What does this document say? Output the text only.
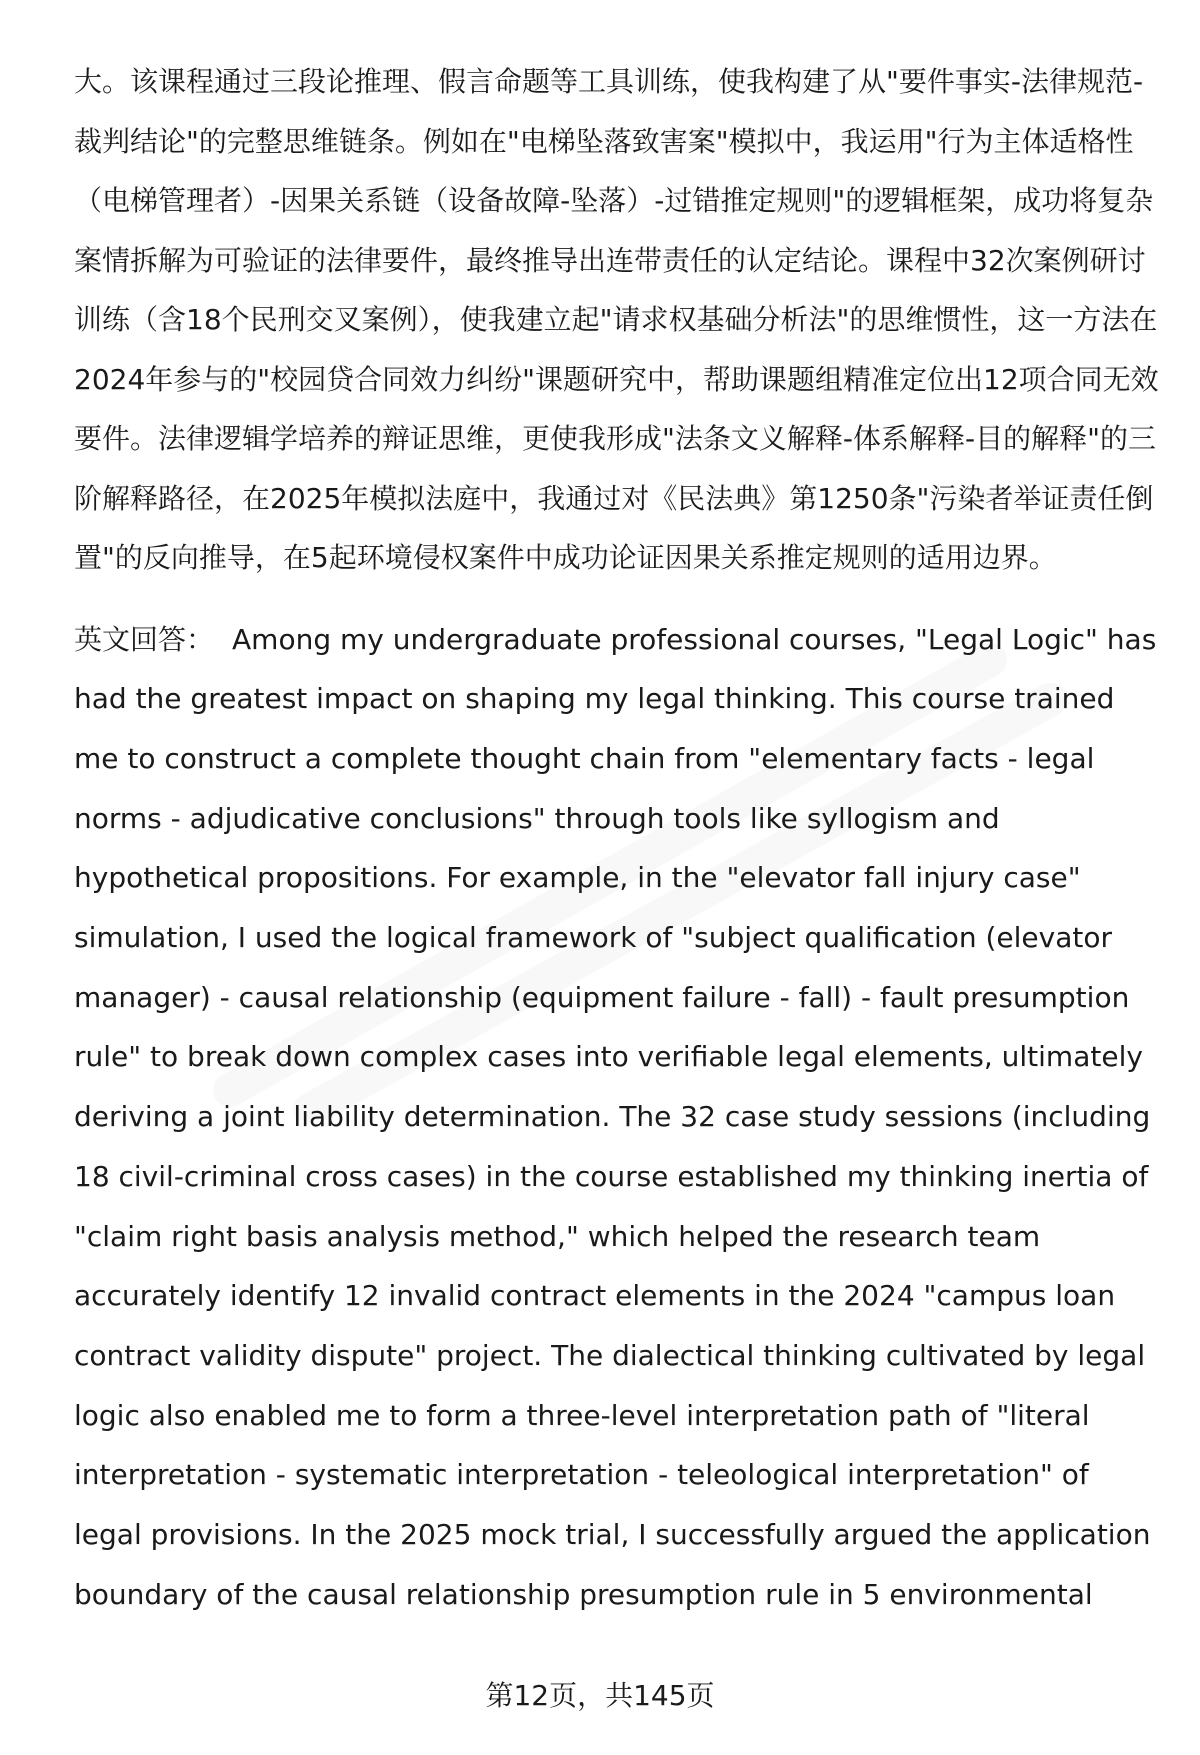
大。该课程通过三段论推理、假言命题等工具训练，使我构建了从"要件事实-法律规范-裁判结论"的完整思维链条。例如在"电梯坠落致害案"模拟中，我运用"行为主体适格性（电梯管理者）-因果关系链（设备故障-坠落）-过错推定规则"的逻辑框架，成功将复杂案情拆解为可验证的法律要件，最终推导出连带责任的认定结论。课程中32次案例研讨训练（含18个民刑交叉案例），使我建立起"请求权基础分析法"的思维惯性，这一方法在2024年参与的"校园贷合同效力纠纷"课题研究中，帮助课题组精准定位出12项合同无效要件。法律逻辑学培养的辩证思维，更使我形成"法条文义解释-体系解释-目的解释"的三阶解释路径，在2025年模拟法庭中，我通过对《民法典》第1250条"污染者举证责任倒置"的反向推导，在5起环境侵权案件中成功论证因果关系推定规则的适用边界。

英文回答： Among my undergraduate professional courses, "Legal Logic" has had the greatest impact on shaping my legal thinking. This course trained me to construct a complete thought chain from "elementary facts - legal norms - adjudicative conclusions" through tools like syllogism and hypothetical propositions. For example, in the "elevator fall injury case" simulation, I used the logical framework of "subject qualification (elevator manager) - causal relationship (equipment failure - fall) - fault presumption rule" to break down complex cases into verifiable legal elements, ultimately deriving a joint liability determination. The 32 case study sessions (including 18 civil-criminal cross cases) in the course established my thinking inertia of "claim right basis analysis method," which helped the research team accurately identify 12 invalid contract elements in the 2024 "campus loan contract validity dispute" project. The dialectical thinking cultivated by legal logic also enabled me to form a three-level interpretation path of "literal interpretation - systematic interpretation - teleological interpretation" of legal provisions. In the 2025 mock trial, I successfully argued the application boundary of the causal relationship presumption rule in 5 environmental

第12页，共145页
